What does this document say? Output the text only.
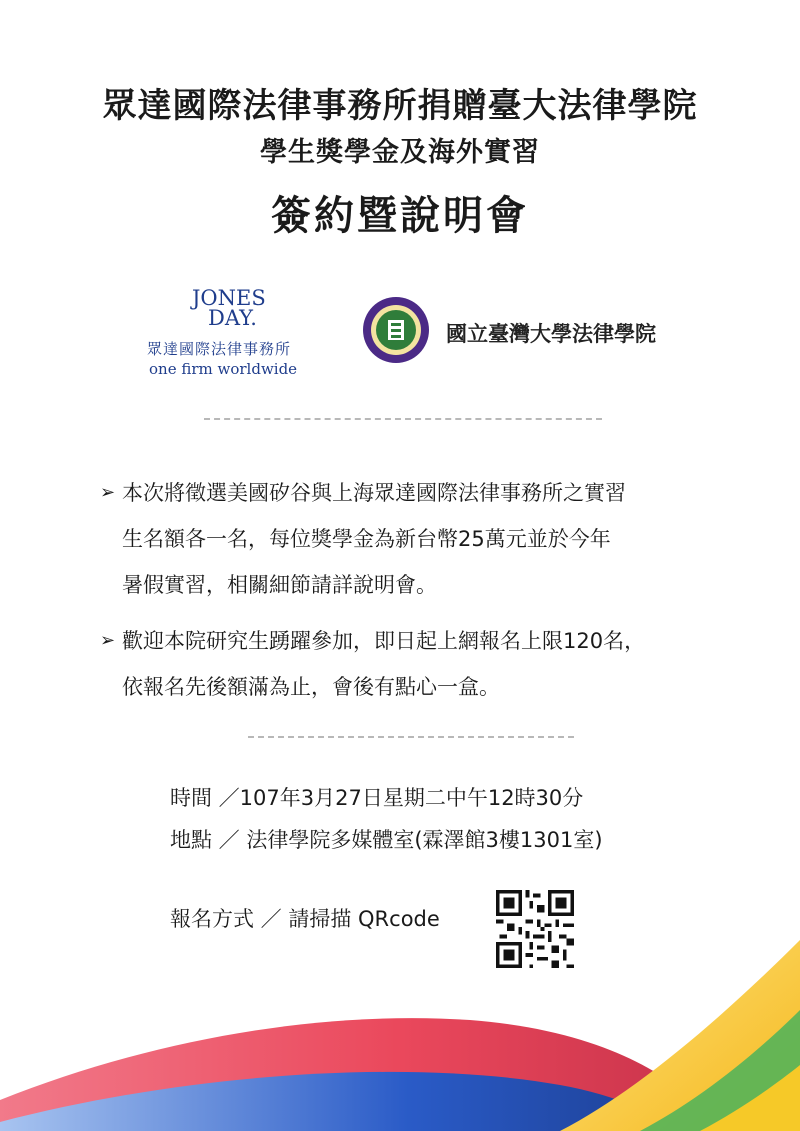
眾達國際法律事務所捐贈臺大法律學院
學生獎學金及海外實習
簽約暨說明會
JONES
DAY.
眾達國際法律事務所
one firm worldwide
國立臺灣大學法律學院
➢ 本次將徵選美國矽谷與上海眾達國際法律事務所之實習
生名額各一名，每位獎學金為新台幣25萬元並於今年
暑假實習，相關細節請詳說明會。
➢ 歡迎本院研究生踴躍參加，即日起上網報名上限120名，
依報名先後額滿為止，會後有點心一盒。
時間 ／107年3月27日星期二中午12時30分
地點 ／ 法律學院多媒體室(霖澤館3樓1301室)
報名方式 ／ 請掃描 QRcode
